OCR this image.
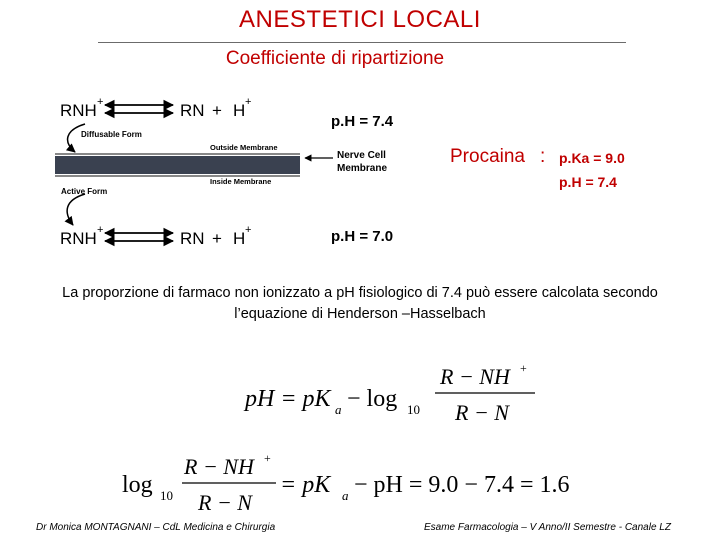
ANESTETICI LOCALI
Coefficiente di ripartizione
RNH +	RN + H +
Diffusable Form
Outside Membrane
Inside Membrane
Nerve Cell
Membrane
Active Form
RNH +	RN + H +
p.H = 7.4
p.H = 7.0
Procaina : p.Ka = 9.0
p.H = 7.4
La proporzione di farmaco non ionizzato a pH fisiologico di 7.4 può essere calcolata secondo l’equazione di Henderson –Hasselbach
pH = pK a − log 10
R − NH +
R − N
log 10
R − NH +
R − N
= pK a − pH = 9.0 − 7.4 = 1.6
Dr Monica MONTAGNANI – CdL Medicina e Chirurgia	Esame Farmacologia – V Anno/II Semestre - Canale LZ
